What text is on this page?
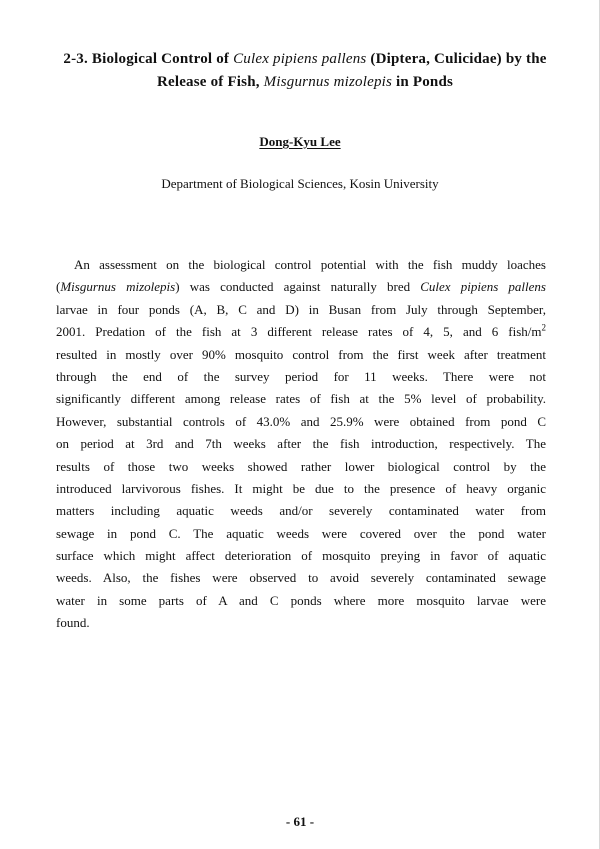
2-3. Biological Control of Culex pipiens pallens (Diptera, Culicidae) by the Release of Fish, Misgurnus mizolepis in Ponds
Dong-Kyu Lee
Department of Biological Sciences, Kosin University
An assessment on the biological control potential with the fish muddy loaches
(Misgurnus mizolepis) was conducted against naturally bred Culex pipiens pallens
larvae in four ponds (A, B, C and D) in Busan from July through September,
2001. Predation of the fish at 3 different release rates of 4, 5, and 6 fish/$m^2$
resulted in mostly over 90% mosquito control from the first week after treatment
through the end of the survey period for 11 weeks. There were not
significantly different among release rates of fish at the 5% level of probability.
However, substantial controls of 43.0% and 25.9% were obtained from pond C
on period at 3rd and 7th weeks after the fish introduction, respectively. The
results of those two weeks showed rather lower biological control by the
introduced larvivorous fishes. It might be due to the presence of heavy organic
matters including aquatic weeds and/or severely contaminated water from
sewage in pond C. The aquatic weeds were covered over the pond water
surface which might affect deterioration of mosquito preying in favor of aquatic
weeds. Also, the fishes were observed to avoid severely contaminated sewage
water in some parts of A and C ponds where more mosquito larvae were
found.
- 61 -
